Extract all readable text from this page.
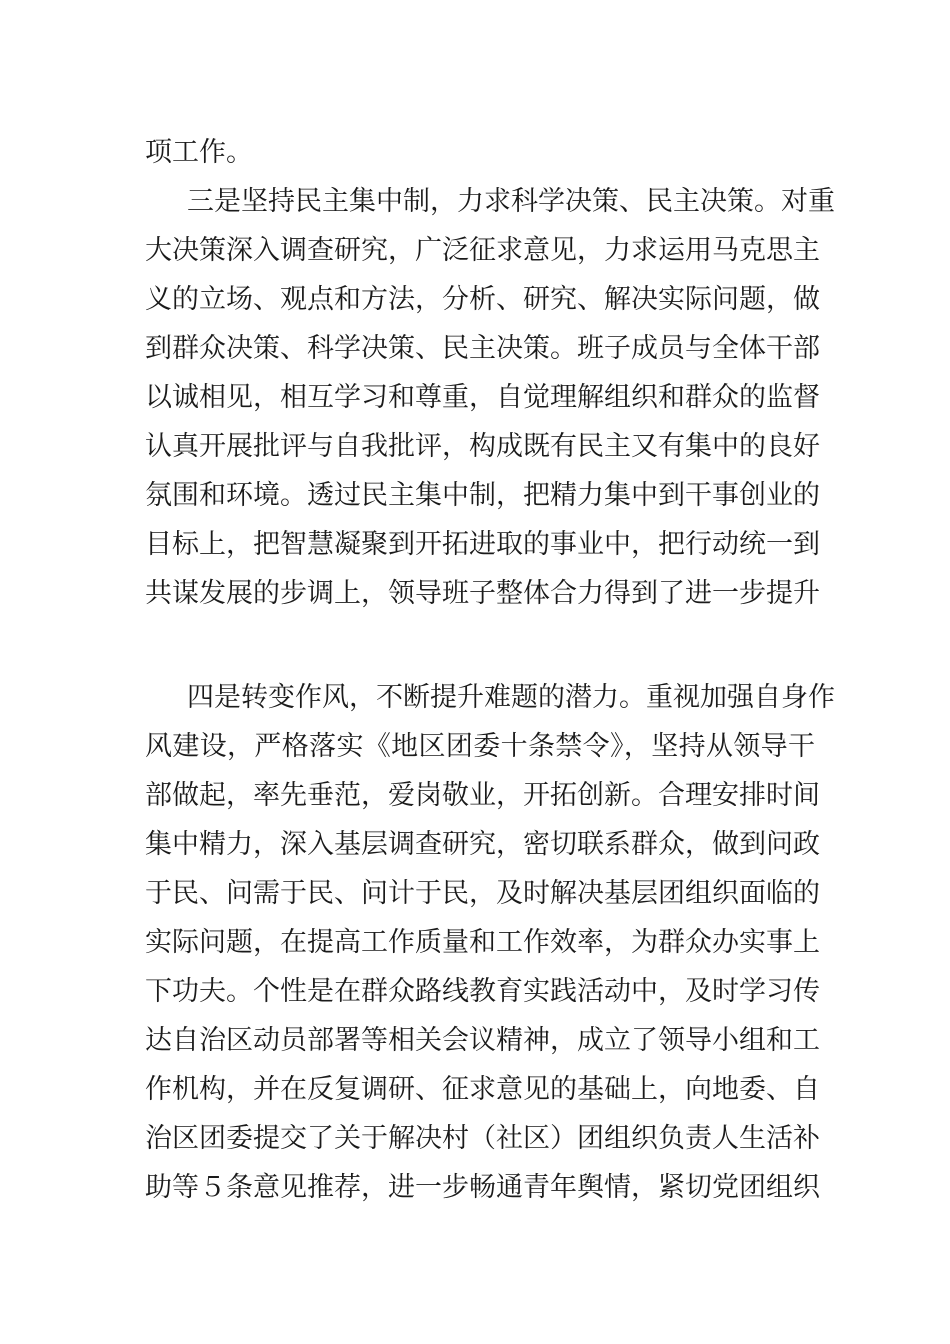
项工作。
三是坚持民主集中制，力求科学决策、民主决策。对重
大决策深入调查研究，广泛征求意见，力求运用马克思主
义的立场、观点和方法，分析、研究、解决实际问题，做
到群众决策、科学决策、民主决策。班子成员与全体干部
以诚相见，相互学习和尊重，自觉理解组织和群众的监督
认真开展批评与自我批评，构成既有民主又有集中的良好
氛围和环境。透过民主集中制，把精力集中到干事创业的
目标上，把智慧凝聚到开拓进取的事业中，把行动统一到
共谋发展的步调上，领导班子整体合力得到了进一步提升
四是转变作风，不断提升难题的潜力。重视加强自身作
风建设，严格落实《地区团委十条禁令》，坚持从领导干
部做起，率先垂范，爱岗敬业，开拓创新。合理安排时间
集中精力，深入基层调查研究，密切联系群众，做到问政
于民、问需于民、问计于民，及时解决基层团组织面临的
实际问题，在提高工作质量和工作效率，为群众办实事上
下功夫。个性是在群众路线教育实践活动中，及时学习传
达自治区动员部署等相关会议精神，成立了领导小组和工
作机构，并在反复调研、征求意见的基础上，向地委、自
治区团委提交了关于解决村（社区）团组织负责人生活补
助等５条意见推荐，进一步畅通青年舆情，紧切党团组织
